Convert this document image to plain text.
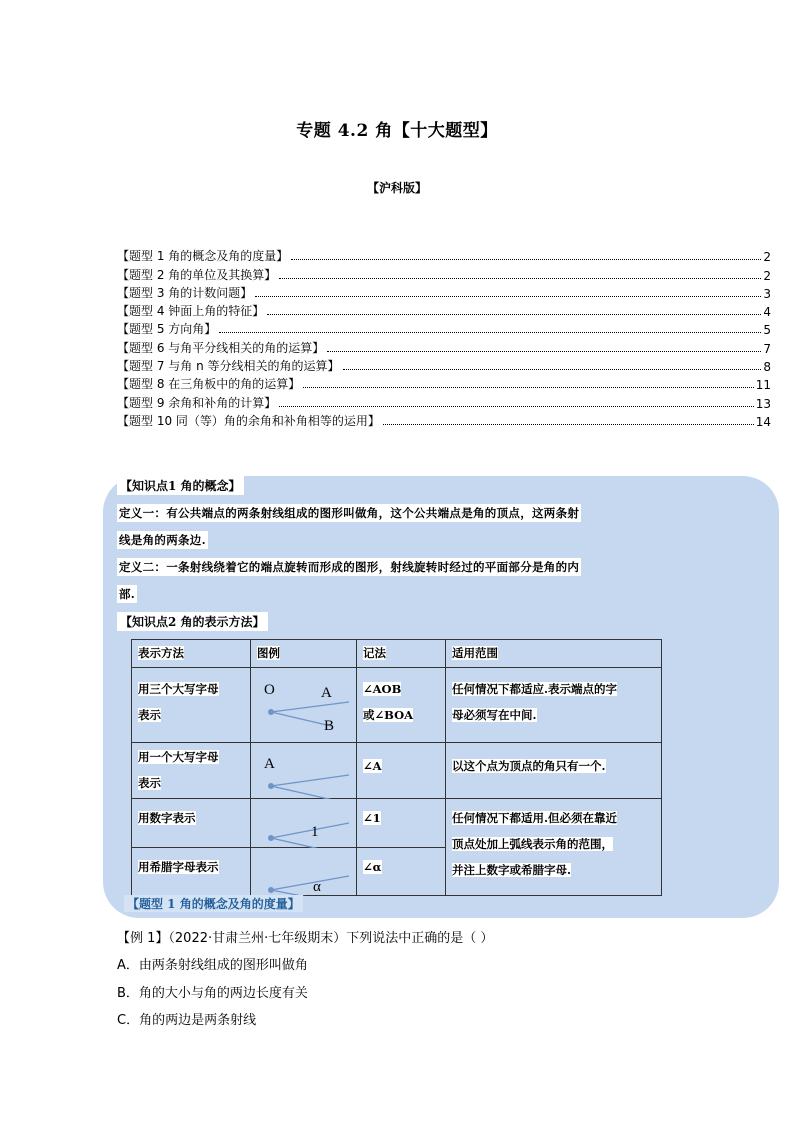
专题 4.2 角【十大题型】
【沪科版】
【题型 1 角的概念及角的度量】	2
【题型 2 角的单位及其换算】	2
【题型 3 角的计数问题】	3
【题型 4 钟面上角的特征】	4
【题型 5 方向角】	5
【题型 6 与角平分线相关的角的运算】	7
【题型 7 与角 n 等分线相关的角的运算】	8
【题型 8 在三角板中的角的运算】	11
【题型 9 余角和补角的计算】	13
【题型 10 同（等）角的余角和补角相等的运用】	14
【知识点1 角的概念】
定义一：有公共端点的两条射线组成的图形叫做角，这个公共端点是角的顶点，这两条射
线是角的两条边.
定义二：一条射线绕着它的端点旋转而形成的图形，射线旋转时经过的平面部分是角的内
部.
【知识点2 角的表示方法】
表示方法	图例	记法	适用范围

用三个大写字母
表示	O A
B	∠AOB
或∠BOA	任何情况下都适应.表示端点的字
母必须写在中间.

用一个大写字母
表示	A	∠A	以这个点为顶点的角只有一个.

用数字表示	1	∠1	任何情况下都适用.但必须在靠近
顶点处加上弧线表示角的范围，
并注上数字或希腊字母.

用希腊字母表示	α	∠α	
【题型 1 角的概念及角的度量】
【例 1】（2022·甘肃兰州·七年级期末）下列说法中正确的是（ ）
A．由两条射线组成的图形叫做角
B．角的大小与角的两边长度有关
C．角的两边是两条射线
